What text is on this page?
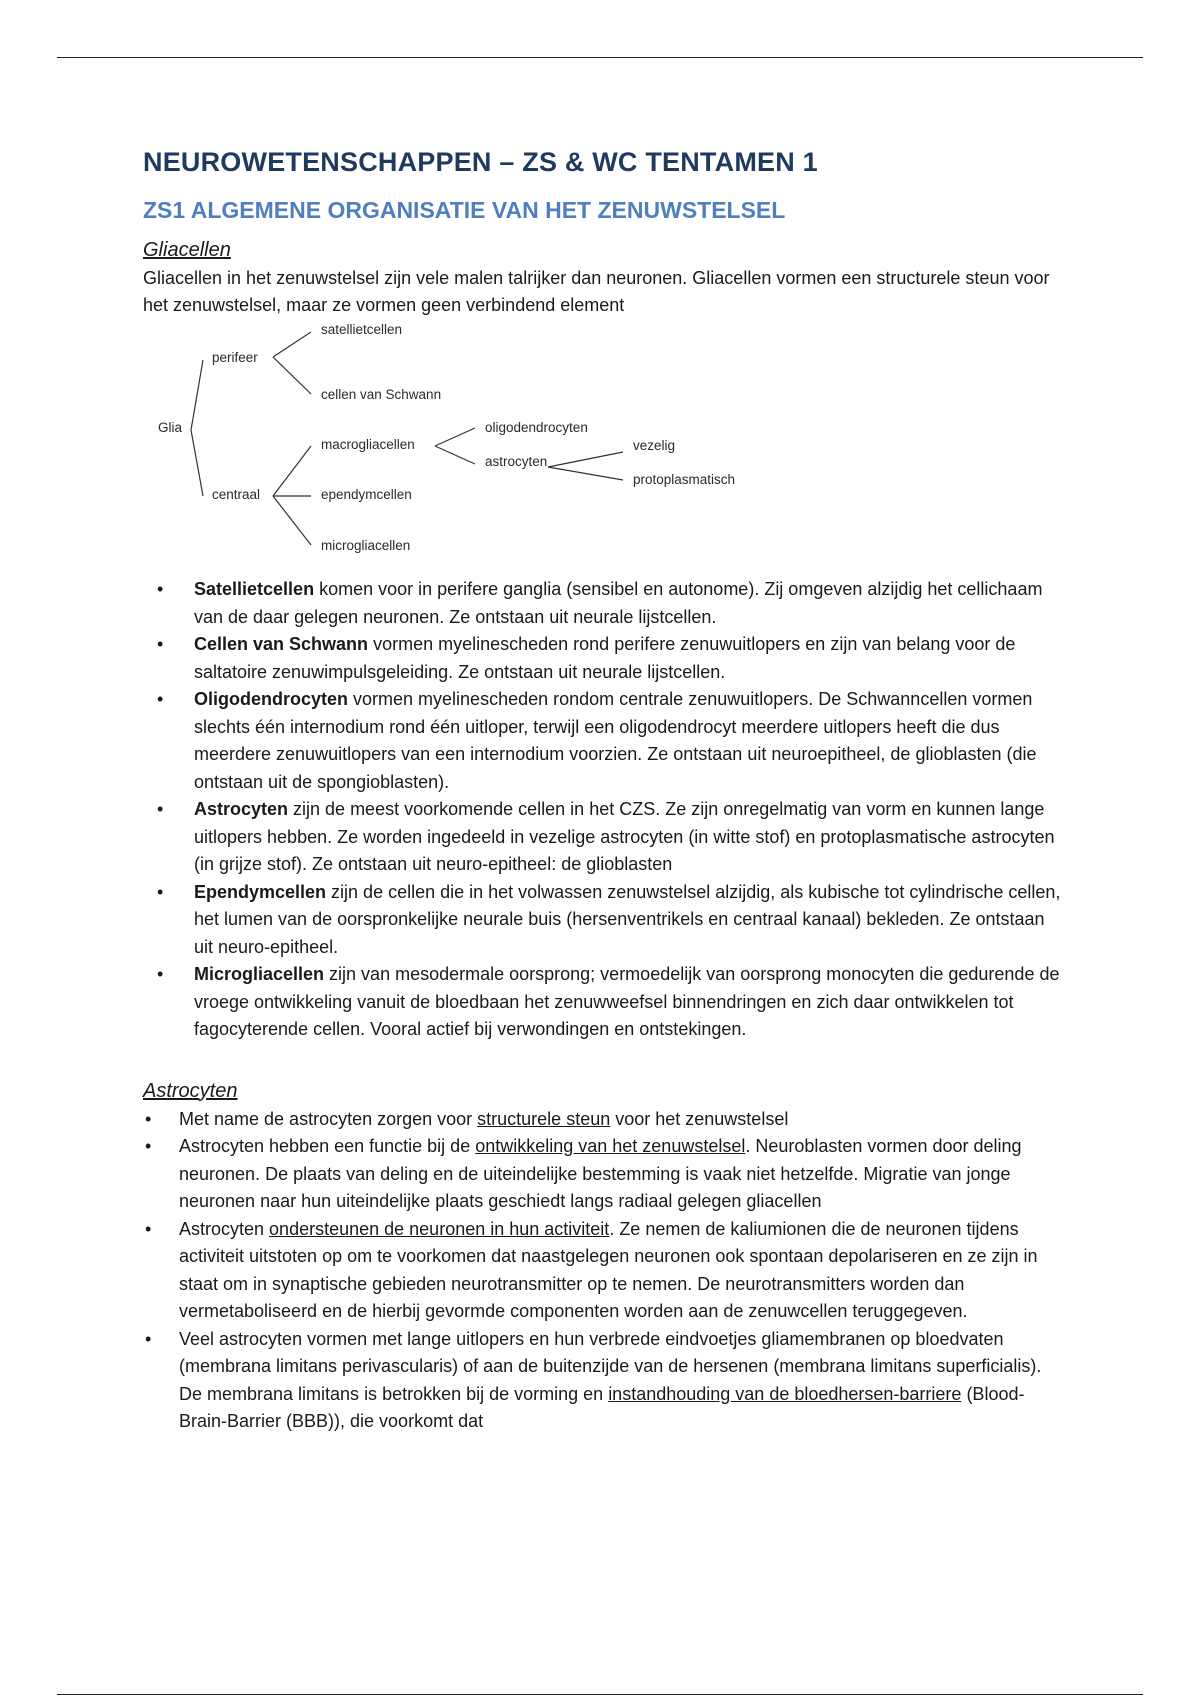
NEUROWETENSCHAPPEN – ZS & WC TENTAMEN 1
ZS1 ALGEMENE ORGANISATIE VAN HET ZENUWSTELSEL
Gliacellen

Gliacellen in het zenuwstelsel zijn vele malen talrijker dan neuronen. Gliacellen vormen een structurele steun voor het zenuwstelsel, maar ze vormen geen verbindend element

Glia
perifeer
satellietcellen
cellen van Schwann
centraal
macrogliacellen
ependymcellen
microgliacellen
oligodendrocyten
astrocyten
vezelig
protoplasmatisch
• Satellietcellen komen voor in perifere ganglia (sensibel en autonome). Zij omgeven alzijdig het cellichaam van de daar gelegen neuronen. Ze ontstaan uit neurale lijstcellen.
• Cellen van Schwann vormen myelinescheden rond perifere zenuwuitlopers en zijn van belang voor de saltatoire zenuwimpulsgeleiding. Ze ontstaan uit neurale lijstcellen.
• Oligodendrocyten vormen myelinescheden rondom centrale zenuwuitlopers. De Schwanncellen vormen slechts één internodium rond één uitloper, terwijl een oligodendrocyt meerdere uitlopers heeft die dus meerdere zenuwuitlopers van een internodium voorzien. Ze ontstaan uit neuroepitheel, de glioblasten (die ontstaan uit de spongioblasten).
• Astrocyten zijn de meest voorkomende cellen in het CZS. Ze zijn onregelmatig van vorm en kunnen lange uitlopers hebben. Ze worden ingedeeld in vezelige astrocyten (in witte stof) en protoplasmatische astrocyten (in grijze stof). Ze ontstaan uit neuro-epitheel: de glioblasten
• Ependymcellen zijn de cellen die in het volwassen zenuwstelsel alzijdig, als kubische tot cylindrische cellen, het lumen van de oorspronkelijke neurale buis (hersenventrikels en centraal kanaal) bekleden. Ze ontstaan uit neuro-epitheel.
• Microgliacellen zijn van mesodermale oorsprong; vermoedelijk van oorsprong monocyten die gedurende de vroege ontwikkeling vanuit de bloedbaan het zenuwweefsel binnendringen en zich daar ontwikkelen tot fagocyterende cellen. Vooral actief bij verwondingen en ontstekingen.
Astrocyten
• Met name de astrocyten zorgen voor structurele steun voor het zenuwstelsel
• Astrocyten hebben een functie bij de ontwikkeling van het zenuwstelsel. Neuroblasten vormen door deling neuronen. De plaats van deling en de uiteindelijke bestemming is vaak niet hetzelfde. Migratie van jonge neuronen naar hun uiteindelijke plaats geschiedt langs radiaal gelegen gliacellen
• Astrocyten ondersteunen de neuronen in hun activiteit. Ze nemen de kaliumionen die de neuronen tijdens activiteit uitstoten op om te voorkomen dat naastgelegen neuronen ook spontaan depolariseren en ze zijn in staat om in synaptische gebieden neurotransmitter op te nemen. De neurotransmitters worden dan vermetaboliseerd en de hierbij gevormde componenten worden aan de zenuwcellen teruggegeven.
• Veel astrocyten vormen met lange uitlopers en hun verbrede eindvoetjes gliamembranen op bloedvaten (membrana limitans perivascularis) of aan de buitenzijde van de hersenen (membrana limitans superficialis). De membrana limitans is betrokken bij de vorming en instandhouding van de bloedhersen-barriere (Blood-Brain-Barrier (BBB)), die voorkomt dat
